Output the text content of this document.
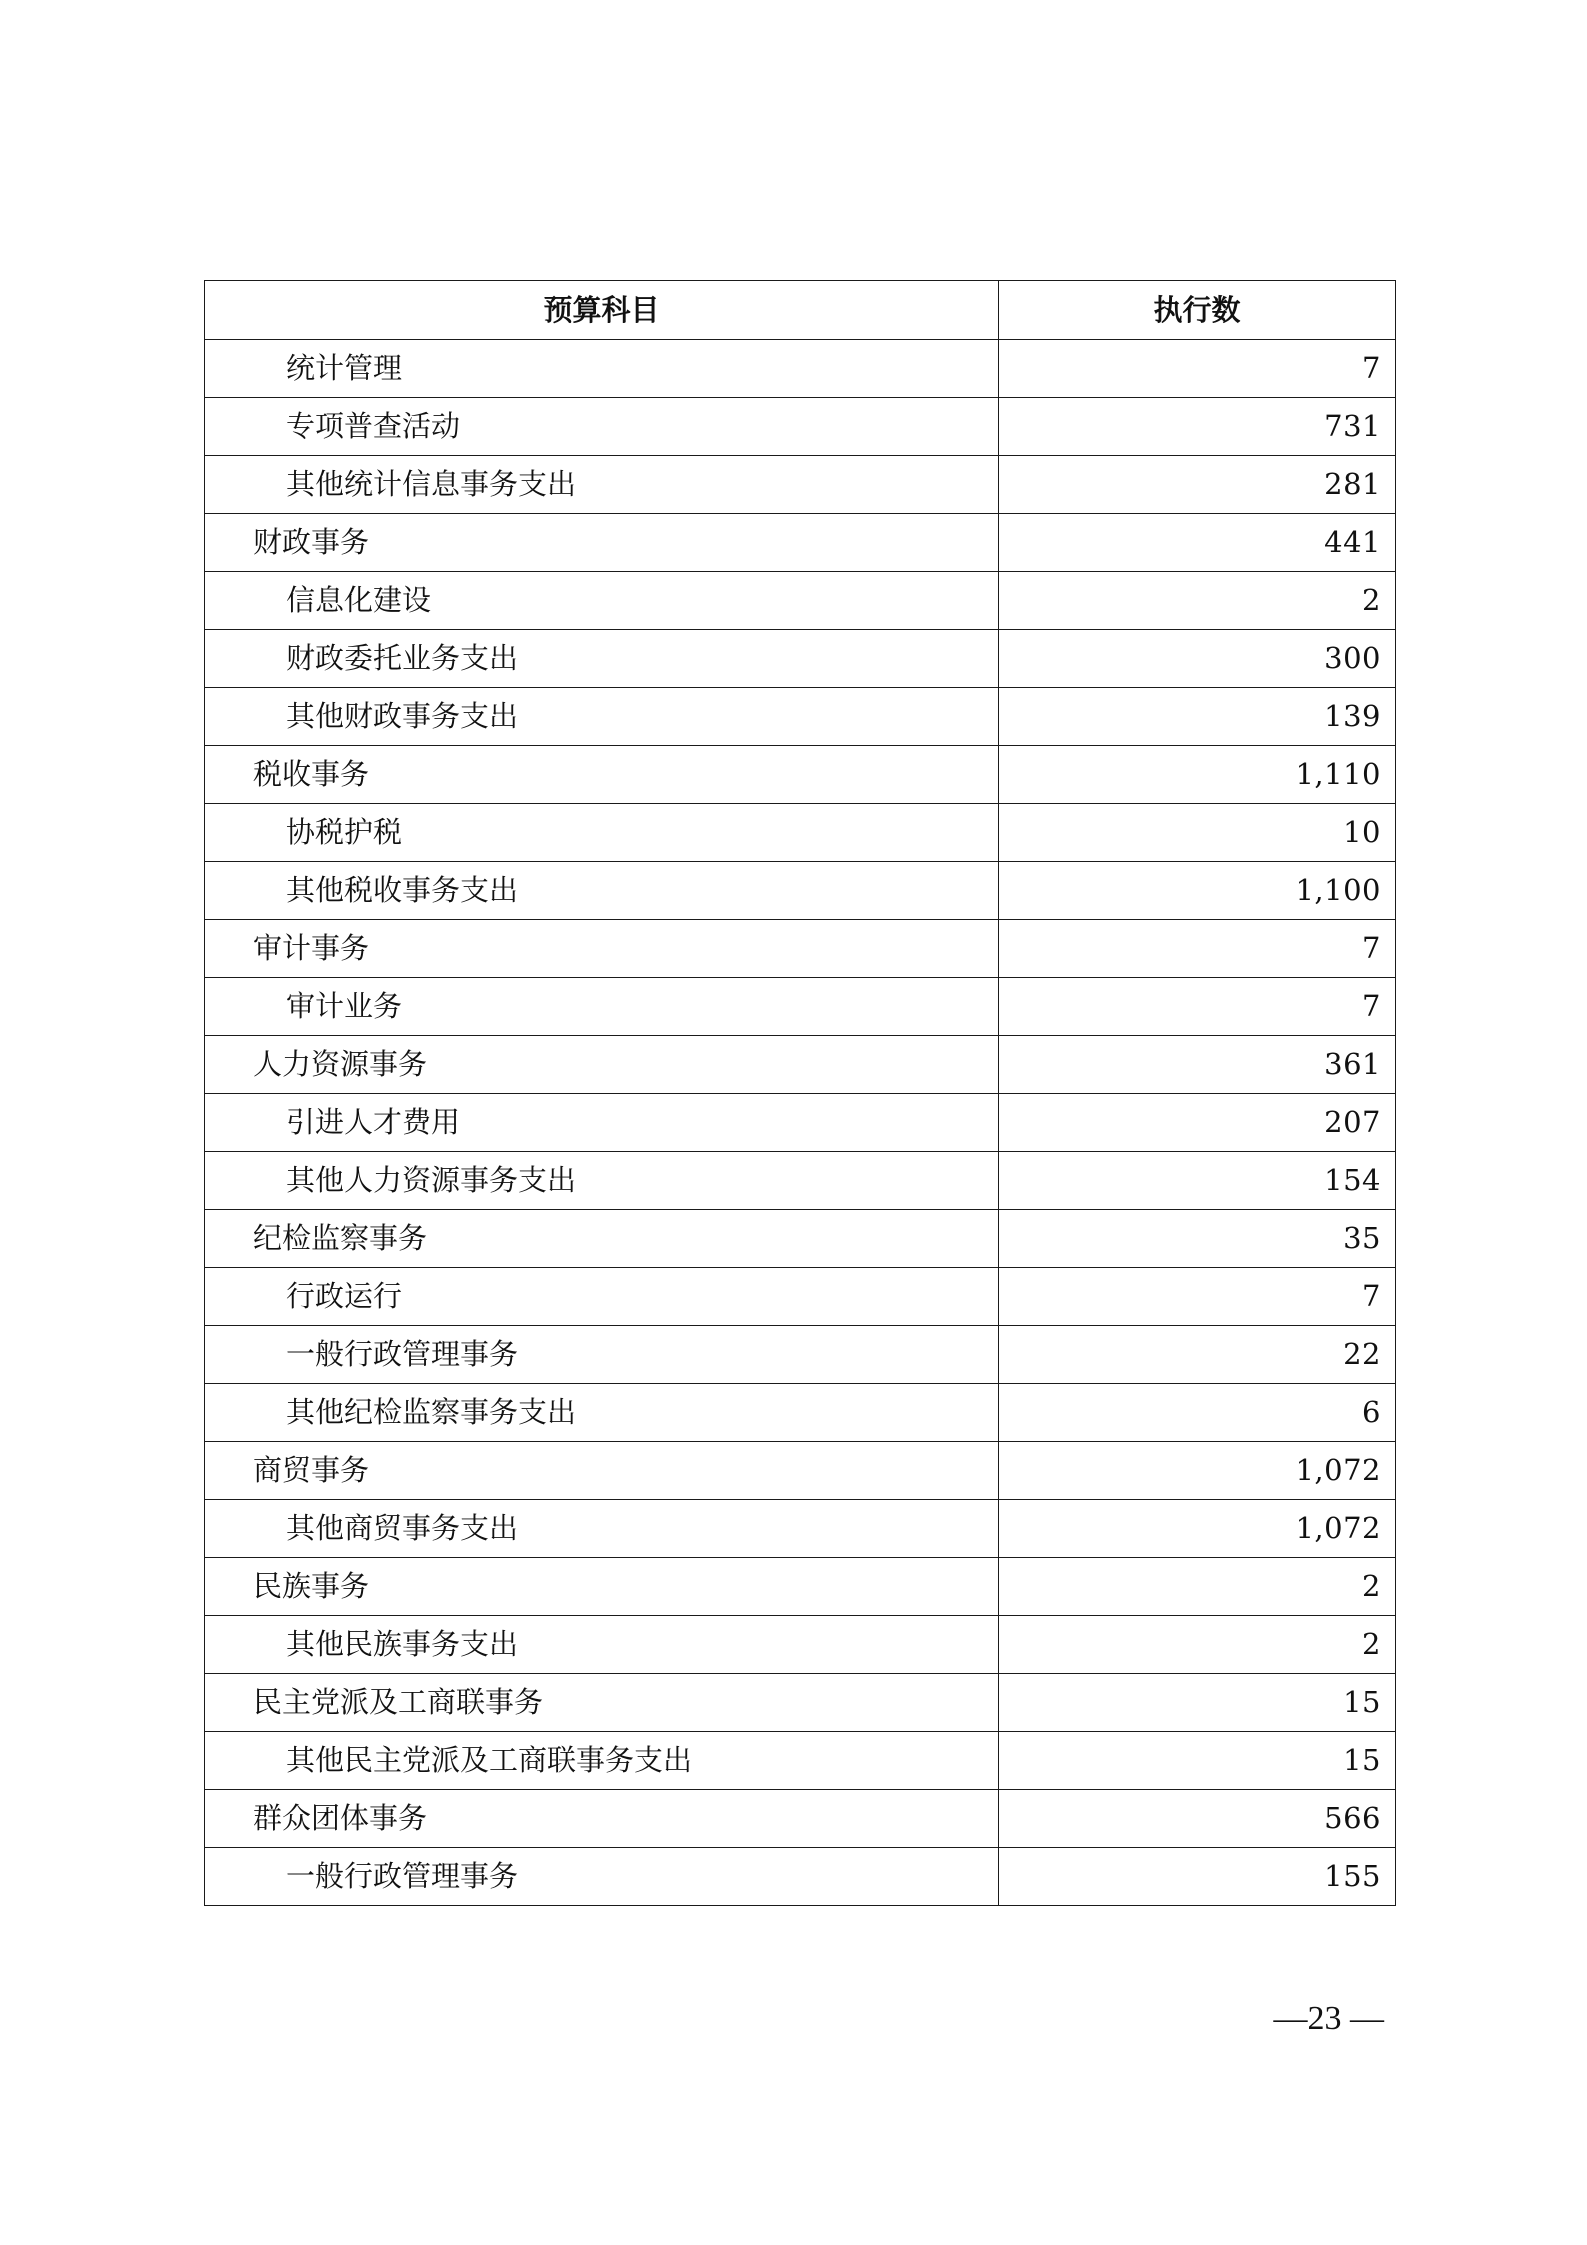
预算科目	执行数
统计管理	7
专项普查活动	731
其他统计信息事务支出	281
财政事务	441
信息化建设	2
财政委托业务支出	300
其他财政事务支出	139
税收事务	1,110
协税护税	10
其他税收事务支出	1,100
审计事务	7
审计业务	7
人力资源事务	361
引进人才费用	207
其他人力资源事务支出	154
纪检监察事务	35
行政运行	7
一般行政管理事务	22
其他纪检监察事务支出	6
商贸事务	1,072
其他商贸事务支出	1,072
民族事务	2
其他民族事务支出	2
民主党派及工商联事务	15
其他民主党派及工商联事务支出	15
群众团体事务	566
一般行政管理事务	155
—23 —
